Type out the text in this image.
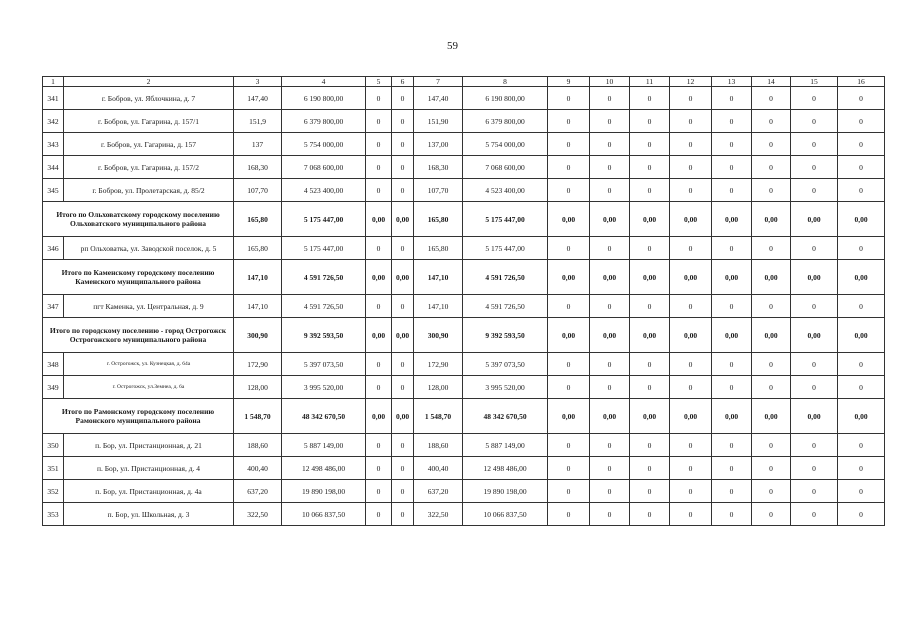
59
1	2	3	4	5	6	7	8	9	10	11	12	13	14	15	16
341	г. Бобров, ул. Яблочкина, д. 7	147,40	6 190 800,00	0	0	147,40	6 190 800,00	0	0	0	0	0	0	0	0
342	г. Бобров, ул. Гагарина, д. 157/1	151,9	6 379 800,00	0	0	151,90	6 379 800,00	0	0	0	0	0	0	0	0
343	г. Бобров, ул. Гагарина, д. 157	137	5 754 000,00	0	0	137,00	5 754 000,00	0	0	0	0	0	0	0	0
344	г. Бобров, ул. Гагарина, д. 157/2	168,30	7 068 600,00	0	0	168,30	7 068 600,00	0	0	0	0	0	0	0	0
345	г. Бобров, ул. Пролетарская, д. 85/2	107,70	4 523 400,00	0	0	107,70	4 523 400,00	0	0	0	0	0	0	0	0
Итого по Ольховатскому городскому поселению Ольховатского муниципального района		165,80	5 175 447,00	0,00	0,00	165,80	5 175 447,00	0,00	0,00	0,00	0,00	0,00	0,00	0,00	0,00
346	рп Ольховатка, ул. Заводской поселок, д. 5	165,80	5 175 447,00	0	0	165,80	5 175 447,00	0	0	0	0	0	0	0	0
Итого по Каменскому городскому поселению Каменского муниципального района		147,10	4 591 726,50	0,00	0,00	147,10	4 591 726,50	0,00	0,00	0,00	0,00	0,00	0,00	0,00	0,00
347	пгт Каменка, ул. Центральная, д. 9	147,10	4 591 726,50	0	0	147,10	4 591 726,50	0	0	0	0	0	0	0	0
Итого по городскому поселению - город Острогожск Острогожского муниципального района		300,90	9 392 593,50	0,00	0,00	300,90	9 392 593,50	0,00	0,00	0,00	0,00	0,00	0,00	0,00	0,00
348	г. Острогожск, ул. Кузнецкая, д. 64а	172,90	5 397 073,50	0	0	172,90	5 397 073,50	0	0	0	0	0	0	0	0
349	г. Острогожск, ул.Земнеа, д. 6а	128,00	3 995 520,00	0	0	128,00	3 995 520,00	0	0	0	0	0	0	0	0
Итого по Рамонскому городскому поселению Рамонского муниципального района		1 548,70	48 342 670,50	0,00	0,00	1 548,70	48 342 670,50	0,00	0,00	0,00	0,00	0,00	0,00	0,00	0,00
350	п. Бор, ул. Пристанционная, д. 21	188,60	5 887 149,00	0	0	188,60	5 887 149,00	0	0	0	0	0	0	0	0
351	п. Бор, ул. Пристанционная, д. 4	400,40	12 498 486,00	0	0	400,40	12 498 486,00	0	0	0	0	0	0	0	0
352	п. Бор, ул. Пристанционная, д. 4а	637,20	19 890 198,00	0	0	637,20	19 890 198,00	0	0	0	0	0	0	0	0
353	п. Бор, ул. Школьная, д. 3	322,50	10 066 837,50	0	0	322,50	10 066 837,50	0	0	0	0	0	0	0	0
